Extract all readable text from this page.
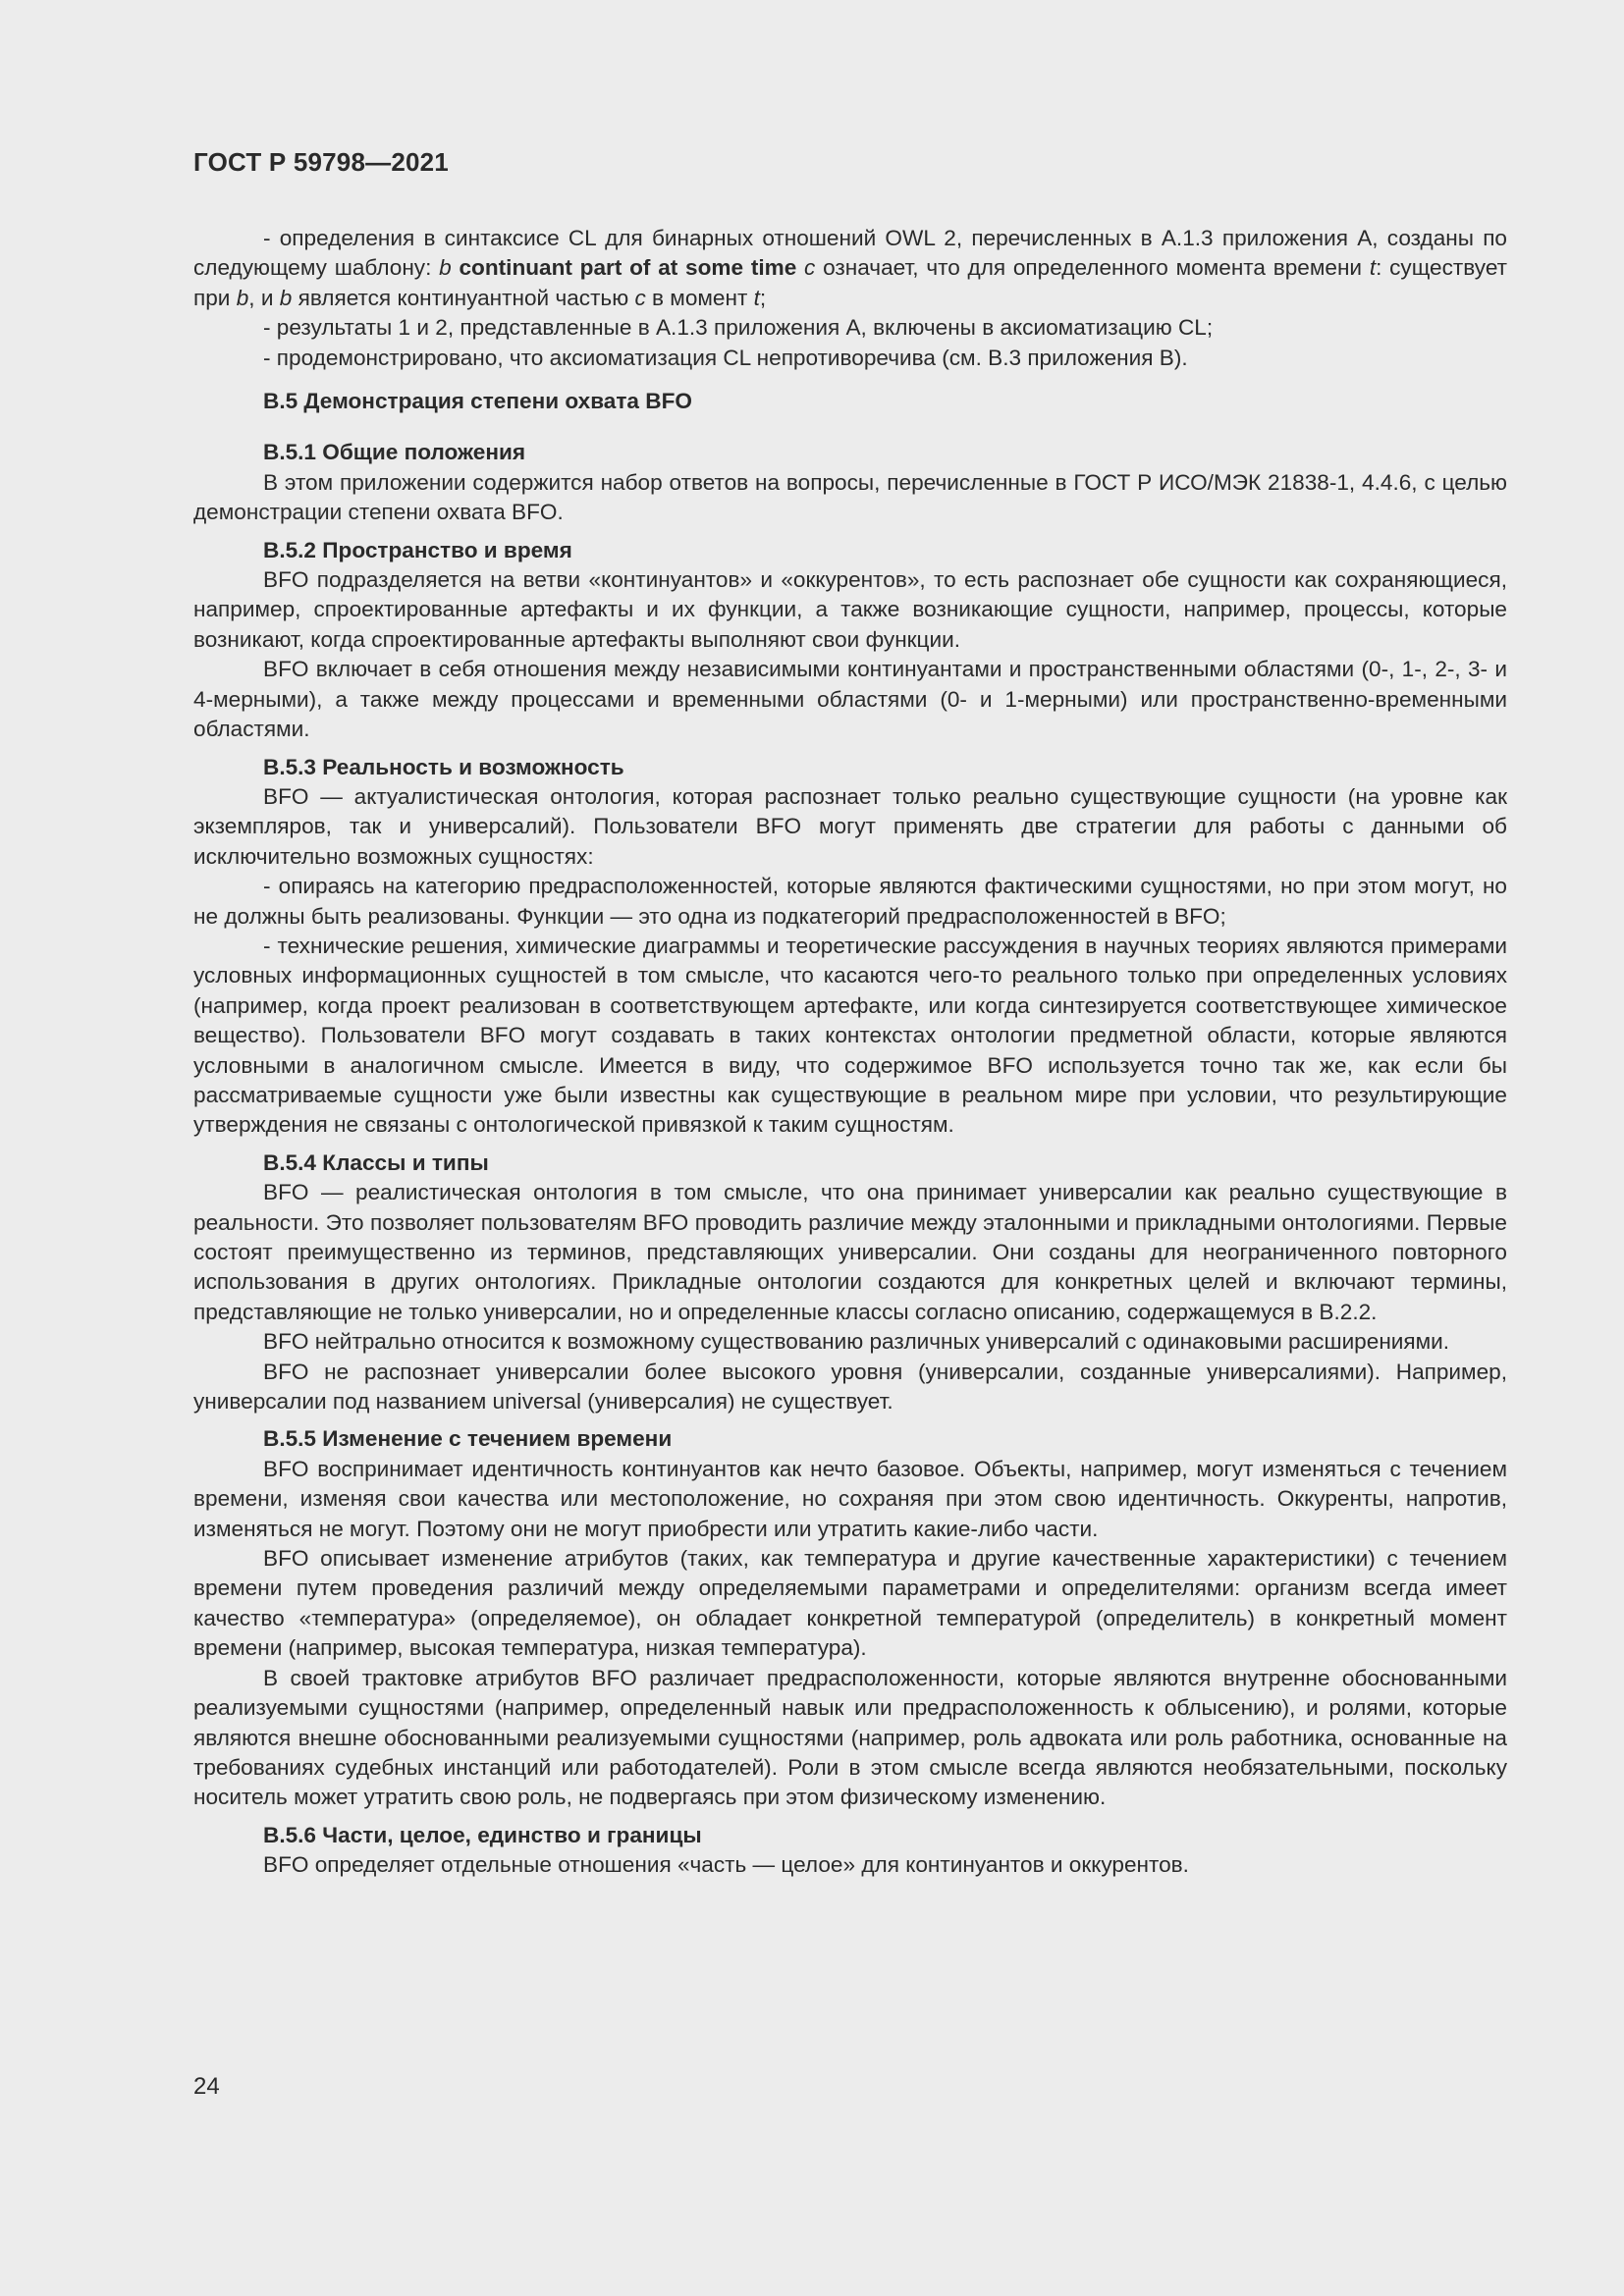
ГОСТ Р 59798—2021

- определения в синтаксисе CL для бинарных отношений OWL 2, перечисленных в А.1.3 приложения А, созданы по следующему шаблону: b continuant part of at some time c означает, что для определенного момента времени t: существует при b, и b является континуантной частью c в момент t;

- результаты 1 и 2, представленные в А.1.3 приложения А, включены в аксиоматизацию CL;

- продемонстрировано, что аксиоматизация CL непротиворечива (см. В.3 приложения В).

В.5 Демонстрация степени охвата BFO
В.5.1 Общие положения

В этом приложении содержится набор ответов на вопросы, перечисленные в ГОСТ Р ИСО/МЭК 21838-1, 4.4.6, с целью демонстрации степени охвата BFO.

В.5.2 Пространство и время

BFO подразделяется на ветви «континуантов» и «оккурентов», то есть распознает обе сущности как сохраняющиеся, например, спроектированные артефакты и их функции, а также возникающие сущности, например, процессы, которые возникают, когда спроектированные артефакты выполняют свои функции.

BFO включает в себя отношения между независимыми континуантами и пространственными областями (0-, 1-, 2-, 3- и 4-мерными), а также между процессами и временными областями (0- и 1-мерными) или пространственно-временными областями.

В.5.3 Реальность и возможность

BFO — актуалистическая онтология, которая распознает только реально существующие сущности (на уровне как экземпляров, так и универсалий). Пользователи BFO могут применять две стратегии для работы с данными об исключительно возможных сущностях:

- опираясь на категорию предрасположенностей, которые являются фактическими сущностями, но при этом могут, но не должны быть реализованы. Функции — это одна из подкатегорий предрасположенностей в BFO;

- технические решения, химические диаграммы и теоретические рассуждения в научных теориях являются примерами условных информационных сущностей в том смысле, что касаются чего-то реального только при определенных условиях (например, когда проект реализован в соответствующем артефакте, или когда синтезируется соответствующее химическое вещество). Пользователи BFO могут создавать в таких контекстах онтологии предметной области, которые являются условными в аналогичном смысле. Имеется в виду, что содержимое BFO используется точно так же, как если бы рассматриваемые сущности уже были известны как существующие в реальном мире при условии, что результирующие утверждения не связаны с онтологической привязкой к таким сущностям.

В.5.4 Классы и типы

BFO — реалистическая онтология в том смысле, что она принимает универсалии как реально существующие в реальности. Это позволяет пользователям BFO проводить различие между эталонными и прикладными онтологиями. Первые состоят преимущественно из терминов, представляющих универсалии. Они созданы для неограниченного повторного использования в других онтологиях. Прикладные онтологии создаются для конкретных целей и включают термины, представляющие не только универсалии, но и определенные классы согласно описанию, содержащемуся в В.2.2.

BFO нейтрально относится к возможному существованию различных универсалий с одинаковыми расширениями.

BFO не распознает универсалии более высокого уровня (универсалии, созданные универсалиями). Например, универсалии под названием universal (универсалия) не существует.

В.5.5 Изменение с течением времени

BFO воспринимает идентичность континуантов как нечто базовое. Объекты, например, могут изменяться с течением времени, изменяя свои качества или местоположение, но сохраняя при этом свою идентичность. Оккуренты, напротив, изменяться не могут. Поэтому они не могут приобрести или утратить какие-либо части.

BFO описывает изменение атрибутов (таких, как температура и другие качественные характеристики) с течением времени путем проведения различий между определяемыми параметрами и определителями: организм всегда имеет качество «температура» (определяемое), он обладает конкретной температурой (определитель) в конкретный момент времени (например, высокая температура, низкая температура).

В своей трактовке атрибутов BFO различает предрасположенности, которые являются внутренне обоснованными реализуемыми сущностями (например, определенный навык или предрасположенность к облысению), и ролями, которые являются внешне обоснованными реализуемыми сущностями (например, роль адвоката или роль работника, основанные на требованиях судебных инстанций или работодателей). Роли в этом смысле всегда являются необязательными, поскольку носитель может утратить свою роль, не подвергаясь при этом физическому изменению.

В.5.6 Части, целое, единство и границы

BFO определяет отдельные отношения «часть — целое» для континуантов и оккурентов.

24
